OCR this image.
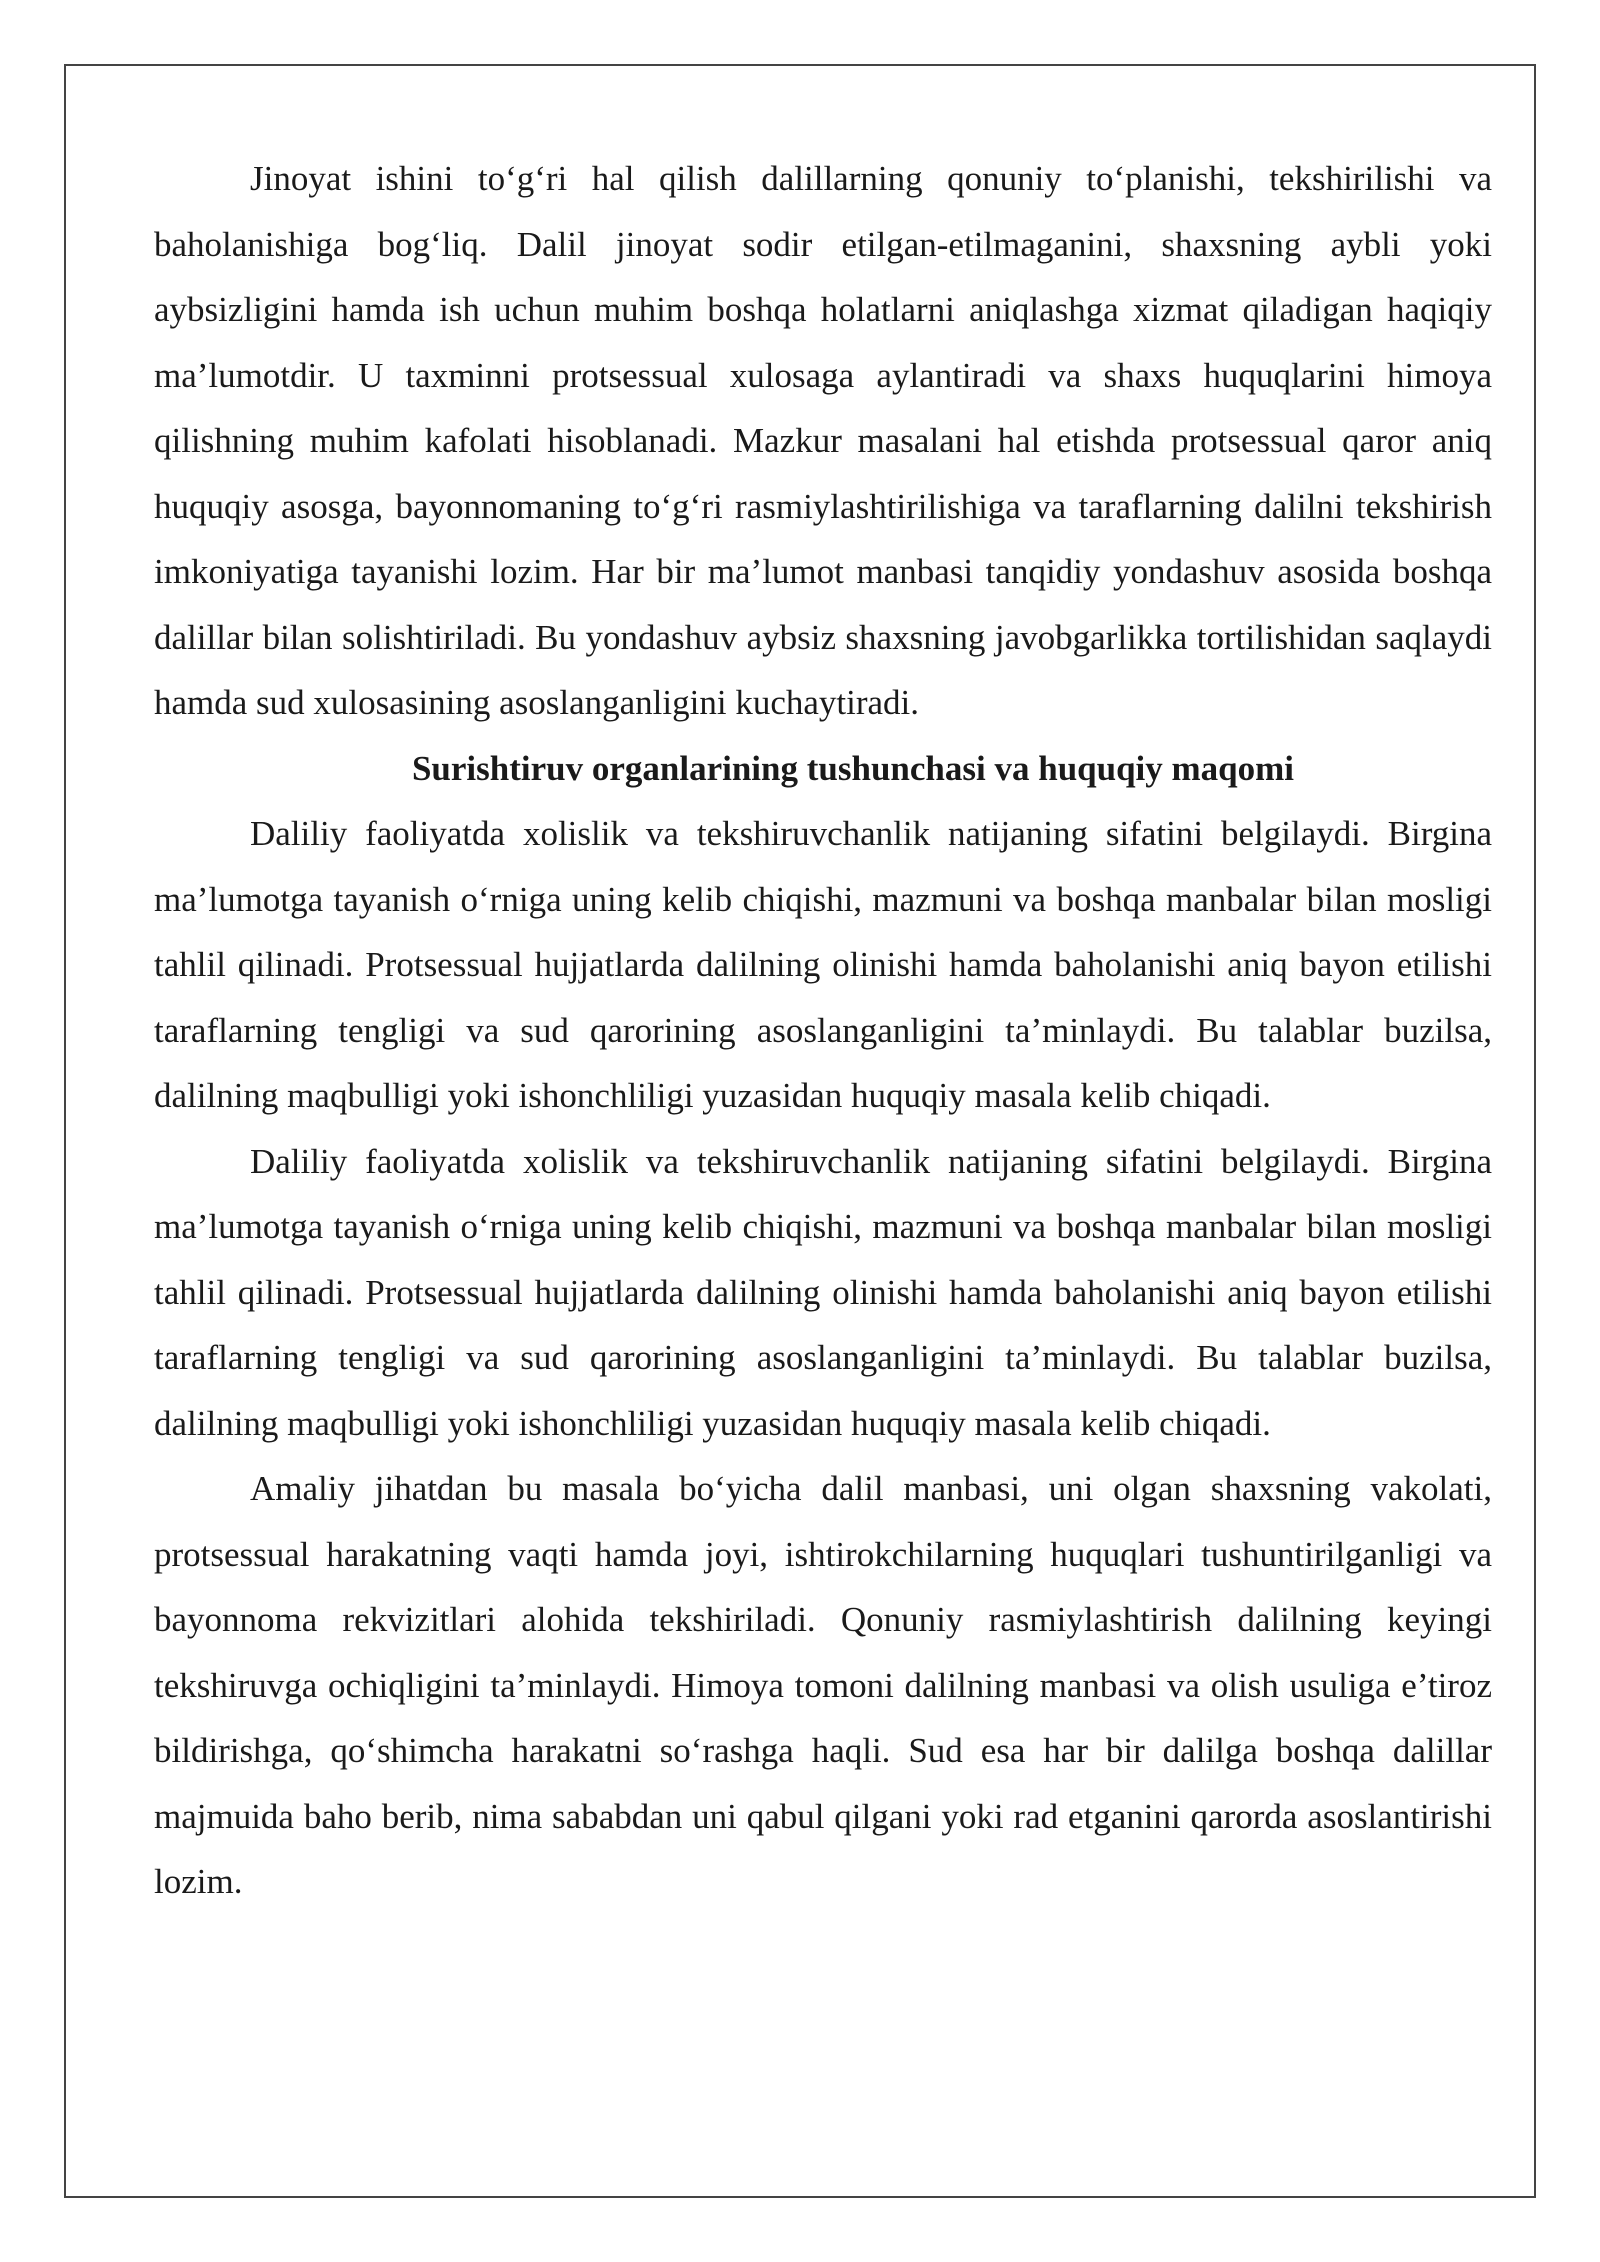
Jinoyat ishini to‘g‘ri hal qilish dalillarning qonuniy to‘planishi, tekshirilishi va baholanishiga bog‘liq. Dalil jinoyat sodir etilgan-etilmaganini, shaxsning aybli yoki aybsizligini hamda ish uchun muhim boshqa holatlarni aniqlashga xizmat qiladigan haqiqiy ma’lumotdir. U taxminni protsessual xulosaga aylantiradi va shaxs huquqlarini himoya qilishning muhim kafolati hisoblanadi. Mazkur masalani hal etishda protsessual qaror aniq huquqiy asosga, bayonnomaning to‘g‘ri rasmiylashtirilishiga va taraflarning dalilni tekshirish imkoniyatiga tayanishi lozim. Har bir ma’lumot manbasi tanqidiy yondashuv asosida boshqa dalillar bilan solishtiriladi. Bu yondashuv aybsiz shaxsning javobgarlikka tortilishidan saqlaydi hamda sud xulosasining asoslanganligini kuchaytiradi.

Surishtiruv organlarining tushunchasi va huquqiy maqomi

Daliliy faoliyatda xolislik va tekshiruvchanlik natijaning sifatini belgilaydi. Birgina ma’lumotga tayanish o‘rniga uning kelib chiqishi, mazmuni va boshqa manbalar bilan mosligi tahlil qilinadi. Protsessual hujjatlarda dalilning olinishi hamda baholanishi aniq bayon etilishi taraflarning tengligi va sud qarorining asoslanganligini ta’minlaydi. Bu talablar buzilsa, dalilning maqbulligi yoki ishonchliligi yuzasidan huquqiy masala kelib chiqadi.

Daliliy faoliyatda xolislik va tekshiruvchanlik natijaning sifatini belgilaydi. Birgina ma’lumotga tayanish o‘rniga uning kelib chiqishi, mazmuni va boshqa manbalar bilan mosligi tahlil qilinadi. Protsessual hujjatlarda dalilning olinishi hamda baholanishi aniq bayon etilishi taraflarning tengligi va sud qarorining asoslanganligini ta’minlaydi. Bu talablar buzilsa, dalilning maqbulligi yoki ishonchliligi yuzasidan huquqiy masala kelib chiqadi.

Amaliy jihatdan bu masala bo‘yicha dalil manbasi, uni olgan shaxsning vakolati, protsessual harakatning vaqti hamda joyi, ishtirokchilarning huquqlari tushuntirilganligi va bayonnoma rekvizitlari alohida tekshiriladi. Qonuniy rasmiylashtirish dalilning keyingi tekshiruvga ochiqligini ta’minlaydi. Himoya tomoni dalilning manbasi va olish usuliga e’tiroz bildirishga, qo‘shimcha harakatni so‘rashga haqli. Sud esa har bir dalilga boshqa dalillar majmuida baho berib, nima sababdan uni qabul qilgani yoki rad etganini qarorda asoslantirishi lozim.
